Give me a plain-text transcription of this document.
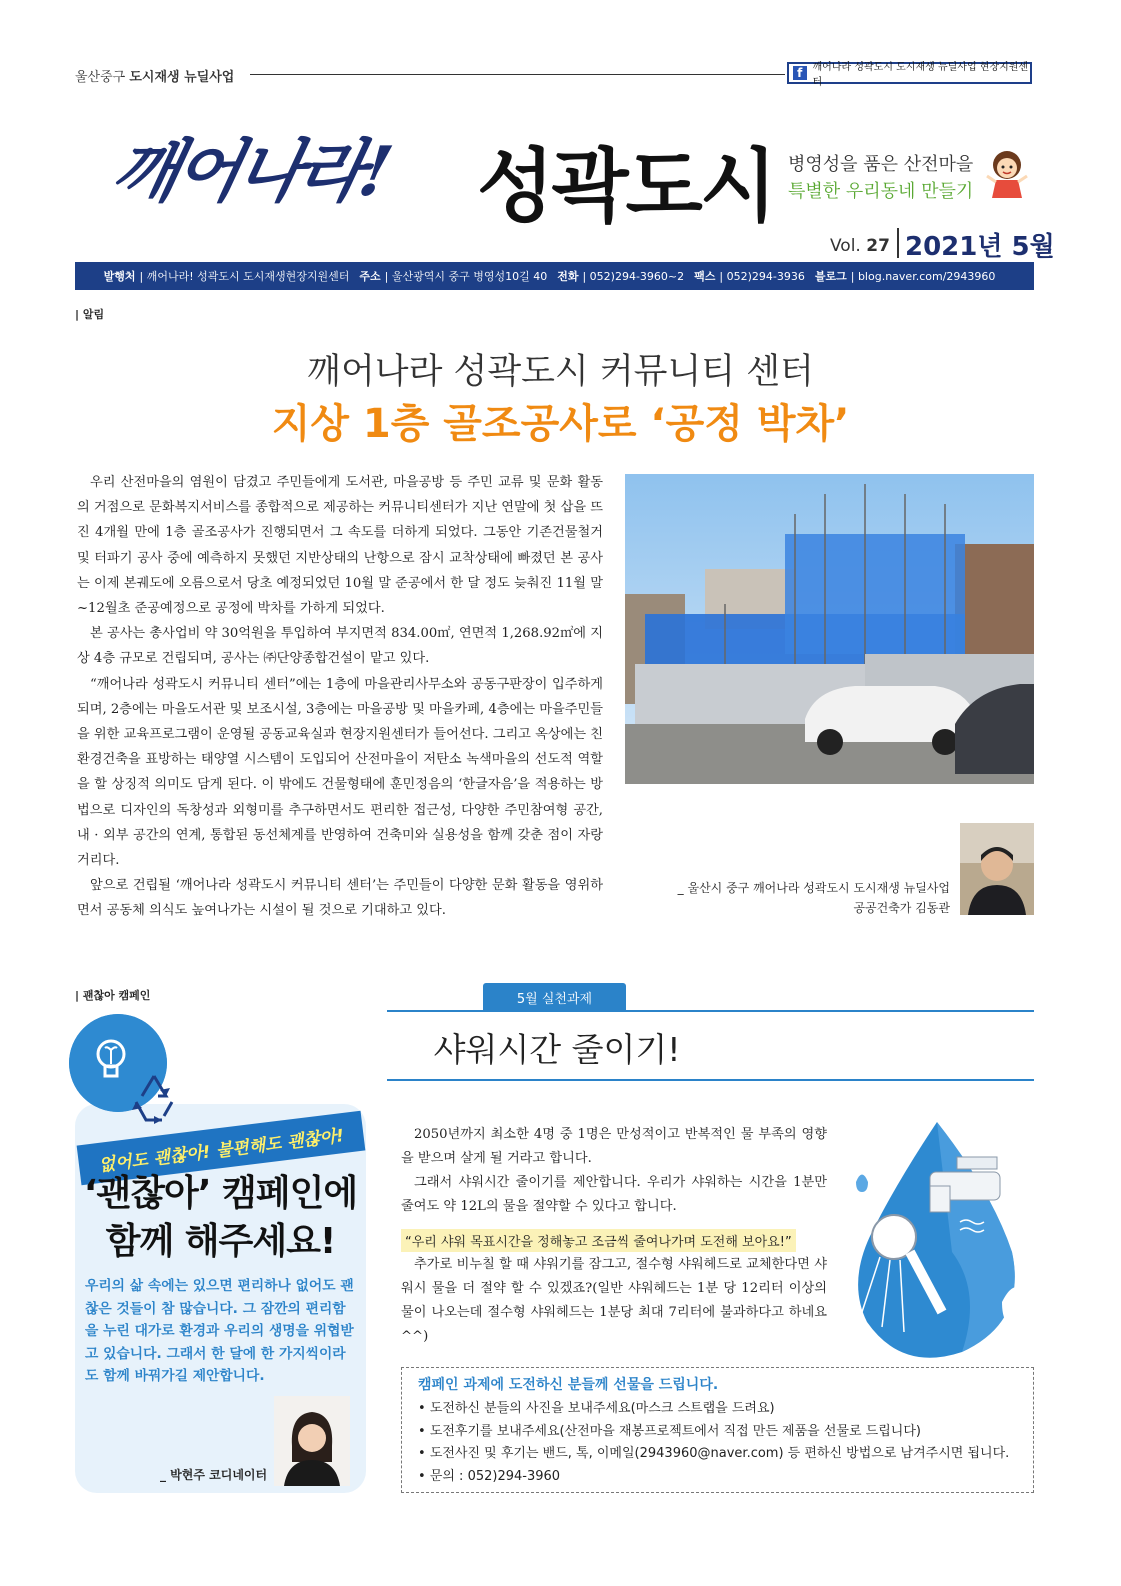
울산중구 도시재생 뉴딜사업	f	깨어나라 성곽도시 도시재생 뉴딜사업 현장지원센터
깨어나라! 성곽도시 병영성을 품은 산전마을
특별한 우리동네 만들기
Vol. 27 2021년 5월
발행처 | 깨어나라! 성곽도시 도시재생현장지원센터 주소 | 울산광역시 중구 병영성10길 40 전화 | 052)294-3960~2 팩스 | 052)294-3936 블로그 | blog.naver.com/2943960
| 알림
깨어나라 성곽도시 커뮤니티 센터
지상 1층 골조공사로 ‘공정 박차’

우리 산전마을의 염원이 담겼고 주민들에게 도서관, 마을공방 등 주민 교류 및 문화 활동의 거점으로 문화복지서비스를 종합적으로 제공하는 커뮤니티센터가 지난 연말에 첫 삽을 뜨진 4개월 만에 1층 골조공사가 진행되면서 그 속도를 더하게 되었다. 그동안 기존건물철거 및 터파기 공사 중에 예측하지 못했던 지반상태의 난항으로 잠시 교착상태에 빠졌던 본 공사는 이제 본궤도에 오름으로서 당초 예정되었던 10월 말 준공에서 한 달 정도 늦춰진 11월 말~12월초 준공예정으로 공정에 박차를 가하게 되었다.

본 공사는 총사업비 약 30억원을 투입하여 부지면적 834.00㎡, 연면적 1,268.92㎡에 지상 4층 규모로 건립되며, 공사는 ㈜단양종합건설이 맡고 있다.

“깨어나라 성곽도시 커뮤니티 센터”에는 1층에 마을관리사무소와 공동구판장이 입주하게 되며, 2층에는 마을도서관 및 보조시설, 3층에는 마을공방 및 마을카페, 4층에는 마을주민들을 위한 교육프로그램이 운영될 공동교육실과 현장지원센터가 들어선다. 그리고 옥상에는 친환경건축을 표방하는 태양열 시스템이 도입되어 산전마을이 저탄소 녹색마을의 선도적 역할을 할 상징적 의미도 담게 된다. 이 밖에도 건물형태에 훈민정음의 ‘한글자음’을 적용하는 방법으로 디자인의 독창성과 외형미를 추구하면서도 편리한 접근성, 다양한 주민참여형 공간, 내 · 외부 공간의 연계, 통합된 동선체계를 반영하여 건축미와 실용성을 함께 갖춘 점이 자랑거리다.

앞으로 건립될 ‘깨어나라 성곽도시 커뮤니티 센터’는 주민들이 다양한 문화 활동을 영위하면서 공동체 의식도 높여나가는 시설이 될 것으로 기대하고 있다.

_ 울산시 중구 깨어나라 성곽도시 도시재생 뉴딜사업
공공건축가 김동관
| 괜찮아 캠페인	5월 실천과제
샤워시간 줄이기!
없어도 괜찮아! 불편해도 괜찮아!
‘괜찮아’ 캠페인에
함께 해주세요!
우리의 삶 속에는 있으면 편리하나 없어도 괜찮은 것들이 참 많습니다. 그 잠깐의 편리함을 누린 대가로 환경과 우리의 생명을 위협받고 있습니다. 그래서 한 달에 한 가지씩이라도 함께 바꿔가길 제안합니다.
_ 박현주 코디네이터

2050년까지 최소한 4명 중 1명은 만성적이고 반복적인 물 부족의 영향을 받으며 살게 될 거라고 합니다.

그래서 샤워시간 줄이기를 제안합니다. 우리가 샤워하는 시간을 1분만 줄여도 약 12L의 물을 절약할 수 있다고 합니다.

추가로 비누칠 할 때 샤워기를 잠그고, 절수형 샤워헤드로 교체한다면 샤워시 물을 더 절약 할 수 있겠죠?(일반 샤워헤드는 1분 당 12리터 이상의 물이 나오는데 절수형 샤워헤드는 1분당 최대 7리터에 불과하다고 하네요^^)

“우리 샤워 목표시간을 정해놓고 조금씩 줄여나가며 도전해 보아요!”
캠페인 과제에 도전하신 분들께 선물을 드립니다.
• 도전하신 분들의 사진을 보내주세요(마스크 스트랩을 드려요)
• 도전후기를 보내주세요(산전마을 재봉프로젝트에서 직접 만든 제품을 선물로 드립니다)
• 도전사진 및 후기는 밴드, 톡, 이메일(2943960@naver.com) 등 편하신 방법으로 남겨주시면 됩니다.
• 문의 : 052)294-3960
